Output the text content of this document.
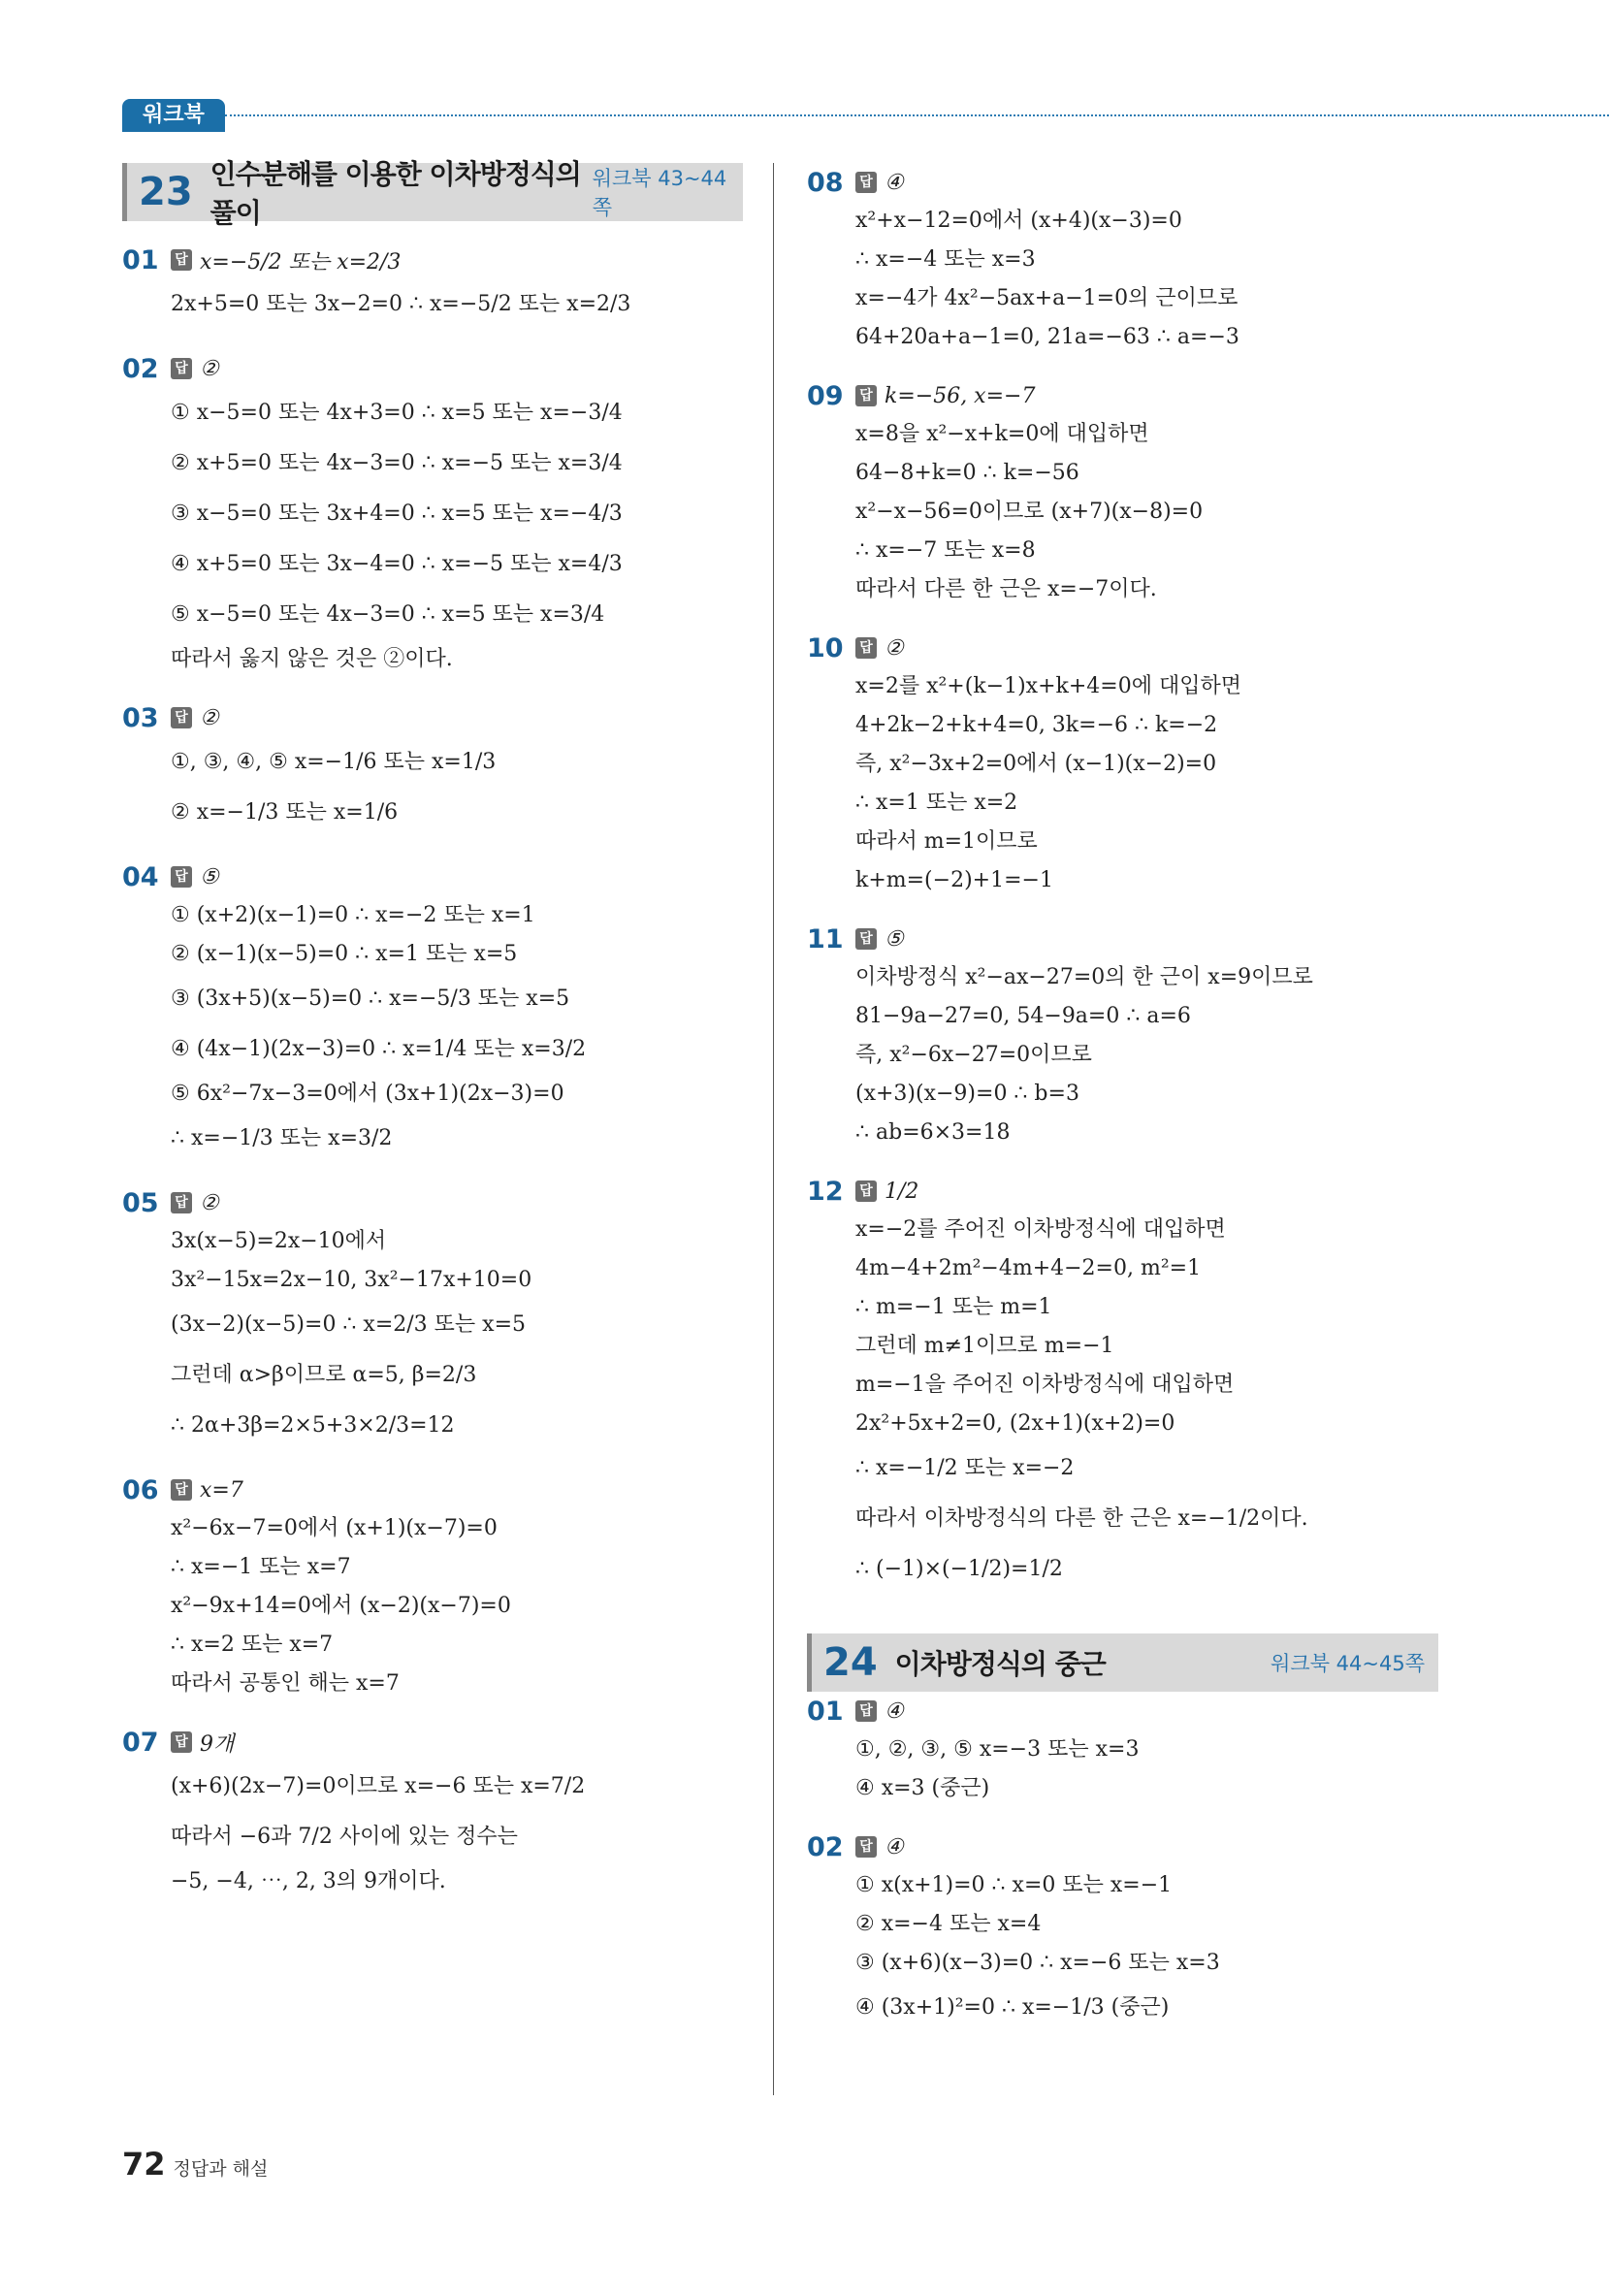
워크북
23 인수분해를 이용한 이차방정식의 풀이
워크북 43~44쪽
01	답 x=−5/2 또는 x=2/3
2x+5=0 또는 3x−2=0 ∴ x=−5/2 또는 x=2/3
02	답 ②
① x−5=0 또는 4x+3=0 ∴ x=5 또는 x=−3/4
② x+5=0 또는 4x−3=0 ∴ x=−5 또는 x=3/4
③ x−5=0 또는 3x+4=0 ∴ x=5 또는 x=−4/3
④ x+5=0 또는 3x−4=0 ∴ x=−5 또는 x=4/3
⑤ x−5=0 또는 4x−3=0 ∴ x=5 또는 x=3/4
따라서 옳지 않은 것은 ②이다.
03	답 ②
①, ③, ④, ⑤ x=−1/6 또는 x=1/3
② x=−1/3 또는 x=1/6
04	답 ⑤
① (x+2)(x−1)=0 ∴ x=−2 또는 x=1
② (x−1)(x−5)=0 ∴ x=1 또는 x=5
③ (3x+5)(x−5)=0 ∴ x=−5/3 또는 x=5
④ (4x−1)(2x−3)=0 ∴ x=1/4 또는 x=3/2
⑤ 6x²−7x−3=0에서 (3x+1)(2x−3)=0
∴ x=−1/3 또는 x=3/2
05	답 ②
3x(x−5)=2x−10에서
3x²−15x=2x−10, 3x²−17x+10=0
(3x−2)(x−5)=0 ∴ x=2/3 또는 x=5
그런데 α>β이므로 α=5, β=2/3
∴ 2α+3β=2×5+3×2/3=12
06	답 x=7
x²−6x−7=0에서 (x+1)(x−7)=0
∴ x=−1 또는 x=7
x²−9x+14=0에서 (x−2)(x−7)=0
∴ x=2 또는 x=7
따라서 공통인 해는 x=7
07	답 9개
(x+6)(2x−7)=0이므로 x=−6 또는 x=7/2
따라서 −6과 7/2 사이에 있는 정수는
−5, −4, ⋯, 2, 3의 9개이다.
08	답 ④
x²+x−12=0에서 (x+4)(x−3)=0
∴ x=−4 또는 x=3
x=−4가 4x²−5ax+a−1=0의 근이므로
64+20a+a−1=0, 21a=−63 ∴ a=−3
09	답 k=−56, x=−7
x=8을 x²−x+k=0에 대입하면
64−8+k=0 ∴ k=−56
x²−x−56=0이므로 (x+7)(x−8)=0
∴ x=−7 또는 x=8
따라서 다른 한 근은 x=−7이다.
10	답 ②
x=2를 x²+(k−1)x+k+4=0에 대입하면
4+2k−2+k+4=0, 3k=−6 ∴ k=−2
즉, x²−3x+2=0에서 (x−1)(x−2)=0
∴ x=1 또는 x=2
따라서 m=1이므로
k+m=(−2)+1=−1
11	답 ⑤
이차방정식 x²−ax−27=0의 한 근이 x=9이므로
81−9a−27=0, 54−9a=0 ∴ a=6
즉, x²−6x−27=0이므로
(x+3)(x−9)=0 ∴ b=3
∴ ab=6×3=18
12	답 1/2
x=−2를 주어진 이차방정식에 대입하면
4m−4+2m²−4m+4−2=0, m²=1
∴ m=−1 또는 m=1
그런데 m≠1이므로 m=−1
m=−1을 주어진 이차방정식에 대입하면
2x²+5x+2=0, (2x+1)(x+2)=0
∴ x=−1/2 또는 x=−2
따라서 이차방정식의 다른 한 근은 x=−1/2이다.
∴ (−1)×(−1/2)=1/2
24 이차방정식의 중근	워크북 44~45쪽
01	답 ④
①, ②, ③, ⑤ x=−3 또는 x=3
④ x=3 (중근)
02	답 ④
① x(x+1)=0 ∴ x=0 또는 x=−1
② x=−4 또는 x=4
③ (x+6)(x−3)=0 ∴ x=−6 또는 x=3
④ (3x+1)²=0 ∴ x=−1/3 (중근)
72 정답과 해설
